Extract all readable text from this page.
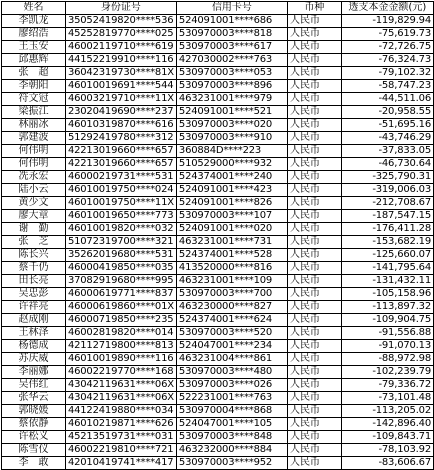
姓名	身份证号	信用卡号	币种	透支本金金额(元)
李凯龙	35052419820****536	524091001****686	人民币	-119,829.94
廖绍浩	45252819770****025	530970003****818	人民币	-75,619.73
王玉安	46002119710****619	530970003****617	人民币	-72,726.75
邱惠辉	44152219910****116	427030002****763	人民币	-76,324.73
张　超	36042319730****81X	530970003****053	人民币	-79,102.32
李朝阳	46010019691****544	530970003****896	人民币	-58,747.23
符文冠	46003219710****11X	463231001****979	人民币	-44,511.06
梁振江	23020419690****237	524091001****521	人民币	-20,958.55
林丽冰	46010319870****616	530970003****020	人民币	-51,695.16
郭建波	51292419780****312	530970003****910	人民币	-43,746.29
何伟明	42213019660****657	360884D****223	人民币	-37,833.05
何伟明	42213019660****657	510529000****932	人民币	-46,730.64
冼永宏	46000219731****531	524374001****240	人民币	-325,790.31
陆小云	46010019750****024	524091001****423	人民币	-319,006.03
黄少文	46010019750****11X	524091001****826	人民币	-212,708.67
廖大章	46010019650****773	530970003****107	人民币	-187,547.15
谢　勤	46010019820****032	524091001****020	人民币	-176,411.28
张　芝	51072319700****321	463231001****731	人民币	-153,682.19
陈长兴	35262019680****531	524374001****528	人民币	-125,660.07
蔡千仍	46000419850****035	413520000****816	人民币	-141,795.64
田长亮	37082919680****995	463231001****109	人民币	-131,432.11
吴忠彭	46000619771****837	530970003****700	人民币	-105,158.96
许祥亮	46000619860****01X	463230000****827	人民币	-113,897.32
赵成刚	46000719850****235	524374001****624	人民币	-109,904.75
王林泽	46002819820****014	530970003****520	人民币	-91,556.88
杨德成	42112719800****813	524047001****234	人民币	-91,070.13
苏庆威	46010019890****116	463231004****861	人民币	-88,972.98
李丽娜	46002219770****168	530970003****480	人民币	-102,239.79
吴伟红	43042119631****06X	530970003****026	人民币	-79,336.72
张华云	43042119631****06X	522231001****763	人民币	-73,101.48
郭晓媛	44122419880****034	530970004****868	人民币	-113,205.02
蔡依静	46010219871****626	524047001****105	人民币	-142,896.40
许松义	45213519731****031	530970003****848	人民币	-109,843.71
陈雪仪	46002219810****721	463232000****884	人民币	-78,103.92
李　敢	42010419741****417	530970003****952	人民币	-83,606.67
